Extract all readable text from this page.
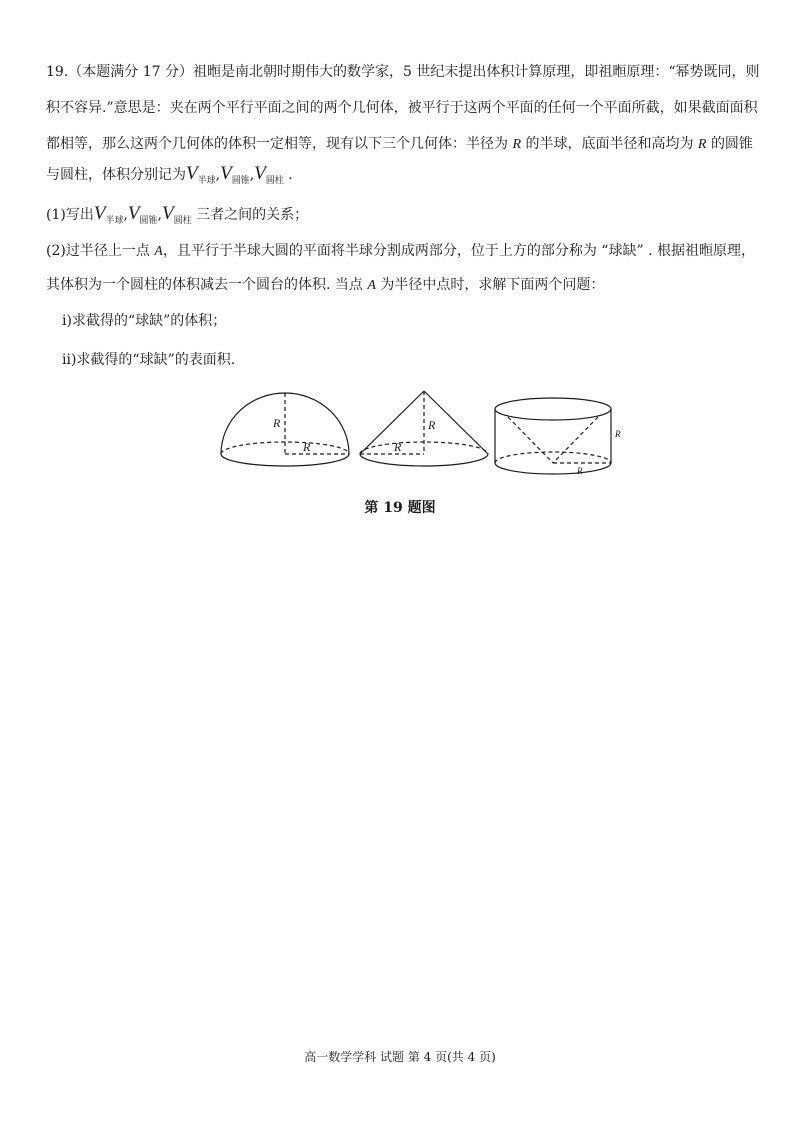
19.（本题满分 17 分）祖暅是南北朝时期伟大的数学家，5 世纪末提出体积计算原理，即祖暅原理：“幂势既同，则
积不容异.”意思是：夹在两个平行平面之间的两个几何体，被平行于这两个平面的任何一个平面所截，如果截面面积
都相等，那么这两个几何体的体积一定相等，现有以下三个几何体：半径为 R 的半球，底面半径和高均为 R 的圆锥
与圆柱，体积分别记为$V_{半球},V_{圆锥},V_{圆柱}$ .
(1)写出$V_{半球},V_{圆锥},V_{圆柱}$ 三者之间的关系；
(2)过半径上一点 A，且平行于半球大圆的平面将半球分割成两部分，位于上方的部分称为 “球缺” . 根据祖暅原理，
其体积为一个圆柱的体积减去一个圆台的体积. 当点 A 为半径中点时，求解下面两个问题：
ⅰ)求截得的“球缺”的体积；
ⅱ)求截得的“球缺”的表面积.
R
R
R
R
R
R
第 19 题图
高一数学学科 试题 第 4 页(共 4 页)
